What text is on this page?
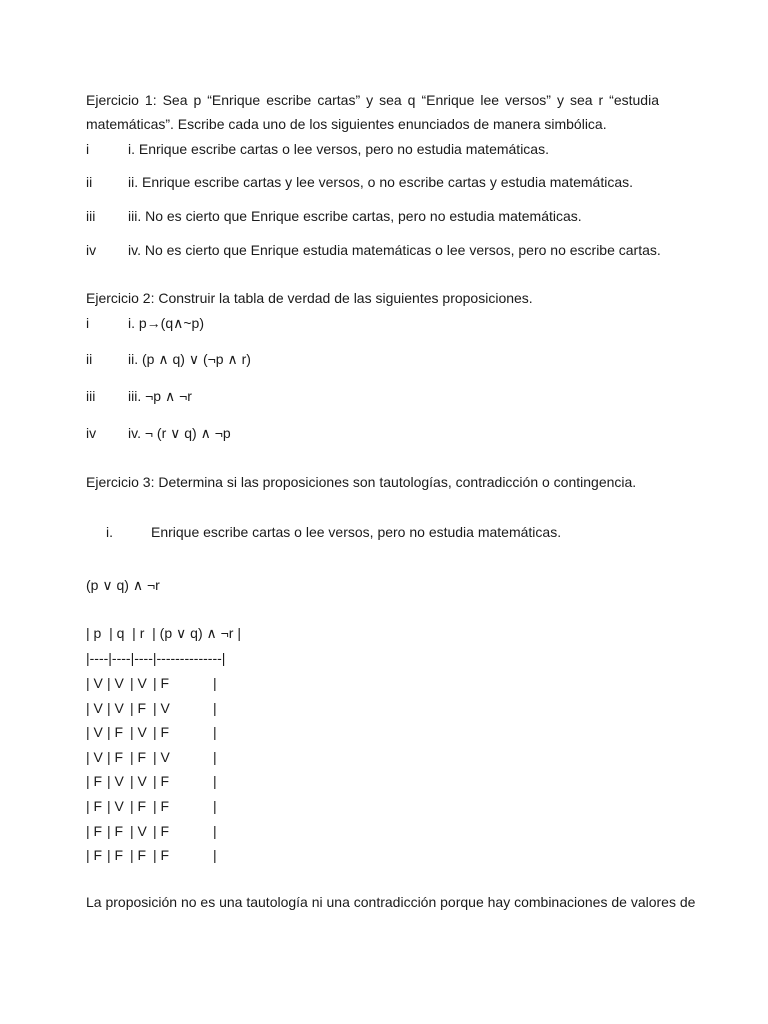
Ejercicio 1: Sea p “Enrique escribe cartas” y sea q “Enrique lee versos” y sea r “estudia matemáticas”. Escribe cada uno de los siguientes enunciados de manera simbólica.
i	i. Enrique escribe cartas o lee versos, pero no estudia matemáticas.
ii	ii. Enrique escribe cartas y lee versos, o no escribe cartas y estudia matemáticas.
iii	iii. No es cierto que Enrique escribe cartas, pero no estudia matemáticas.
iv	iv. No es cierto que Enrique estudia matemáticas o lee versos, pero no escribe cartas.
Ejercicio 2: Construir la tabla de verdad de las siguientes proposiciones.
i	i. p→(q∧~p)
ii	ii. (p ∧ q) ∨ (¬p ∧ r)
iii	iii. ¬p ∧ ¬r
iv	iv. ¬ (r ∨ q) ∧ ¬p
Ejercicio 3: Determina si las proposiciones son tautologías, contradicción o contingencia.
i.	Enrique escribe cartas o lee versos, pero no estudia matemáticas.
(p ∨ q) ∧ ¬r
| p  | q  | r  | (p ∨ q) ∧ ¬r |
|----|----|----|--------------|
| V | V | V | F	|
| V | V | F | V	|
| V | F | V | F	|
| V | F | F | V	|
| F | V | V | F	|
| F | V | F | F	|
| F | F | V | F	|
| F | F | F | F	|
La proposición no es una tautología ni una contradicción porque hay combinaciones de valores de
